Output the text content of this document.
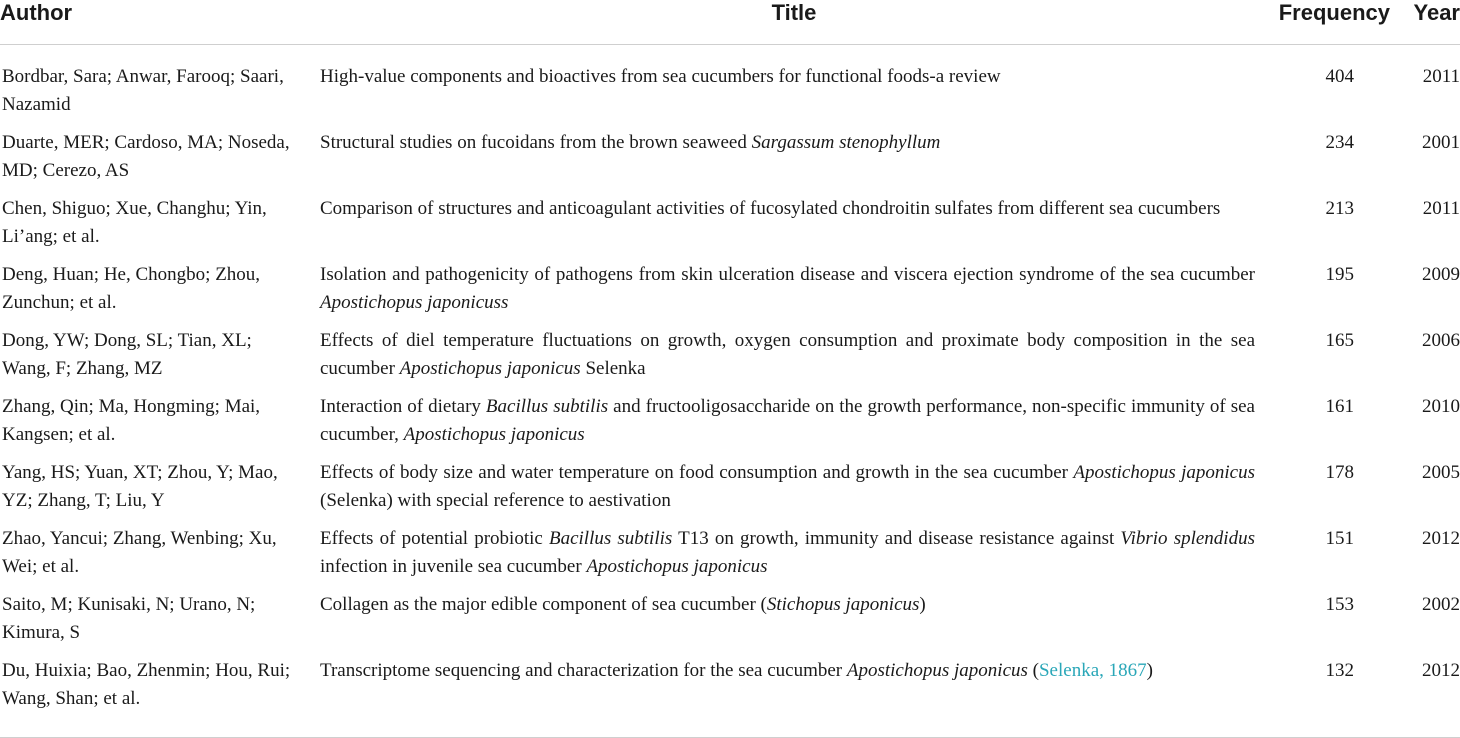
Author	Title	Frequency	Year

Bordbar, Sara; Anwar, Farooq; Saari, Nazamid	High-value components and bioactives from sea cucumbers for functional foods-a review	404	2011

Duarte, MER; Cardoso, MA; Noseda, MD; Cerezo, AS	Structural studies on fucoidans from the brown seaweed Sargassum stenophyllum	234	2001

Chen, Shiguo; Xue, Changhu; Yin, Li’ang; et al.	Comparison of structures and anticoagulant activities of fucosylated chondroitin sulfates from different sea cucumbers	213	2011

Deng, Huan; He, Chongbo; Zhou, Zunchun; et al.	Isolation and pathogenicity of pathogens from skin ulceration disease and viscera ejection syndrome of the sea cucumber Apostichopus japonicuss	195	2009

Dong, YW; Dong, SL; Tian, XL; Wang, F; Zhang, MZ	Effects of diel temperature fluctuations on growth, oxygen consumption and proximate body composition in the sea cucumber Apostichopus japonicus Selenka	165	2006

Zhang, Qin; Ma, Hongming; Mai, Kangsen; et al.	Interaction of dietary Bacillus subtilis and fructooligosaccharide on the growth performance, non-specific immunity of sea cucumber, Apostichopus japonicus	161	2010

Yang, HS; Yuan, XT; Zhou, Y; Mao, YZ; Zhang, T; Liu, Y	Effects of body size and water temperature on food consumption and growth in the sea cucumber Apostichopus japonicus (Selenka) with special reference to aestivation	178	2005

Zhao, Yancui; Zhang, Wenbing; Xu, Wei; et al.	Effects of potential probiotic Bacillus subtilis T13 on growth, immunity and disease resistance against Vibrio splendidus infection in juvenile sea cucumber Apostichopus japonicus	151	2012

Saito, M; Kunisaki, N; Urano, N; Kimura, S	Collagen as the major edible component of sea cucumber (Stichopus japonicus)	153	2002

Du, Huixia; Bao, Zhenmin; Hou, Rui; Wang, Shan; et al.	Transcriptome sequencing and characterization for the sea cucumber Apostichopus japonicus (Selenka, 1867)	132	2012
